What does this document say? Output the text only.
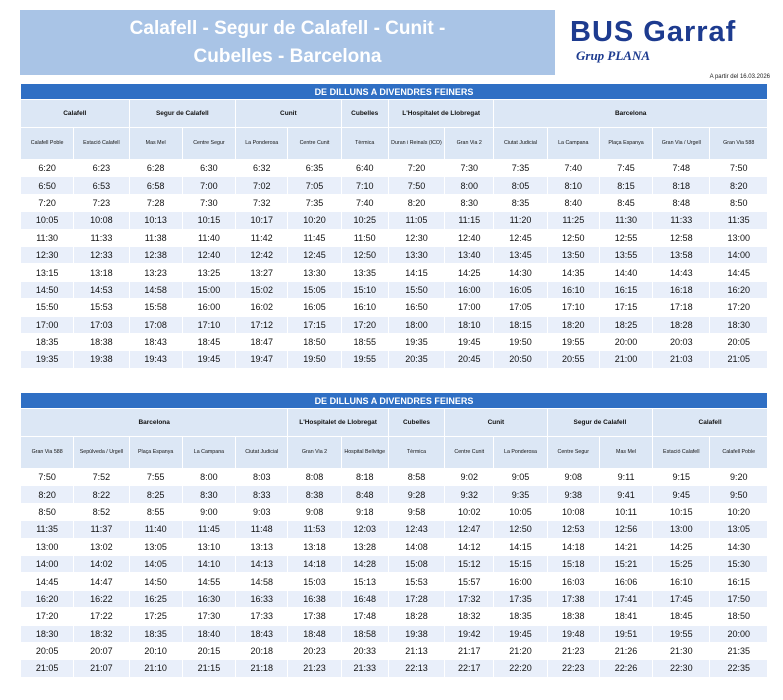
Calafell - Segur de Calafell - Cunit -
Cubelles - Barcelona
BUS Garraf
Grup PLANA
A partir del 16.03.2026
DE DILLUNS A DIVENDRES FEINERS													
Calafell		Segur de Calafell		Cunit		Cubelles	L'Hospitalet de Llobregat		Barcelona				
Calafell Poble	Estació Calafell	Mas Mel	Centre Segur	La Ponderosa	Centre Cunit	Tèrmica	Duran i Reinals (ICO)	Gran Via 2	Ciutat Judicial	La Campana	Plaça Espanya	Gran Via / Urgell	Gran Via 588
6:20	6:23	6:28	6:30	6:32	6:35	6:40	7:20	7:30	7:35	7:40	7:45	7:48	7:50
6:50	6:53	6:58	7:00	7:02	7:05	7:10	7:50	8:00	8:05	8:10	8:15	8:18	8:20
7:20	7:23	7:28	7:30	7:32	7:35	7:40	8:20	8:30	8:35	8:40	8:45	8:48	8:50
10:05	10:08	10:13	10:15	10:17	10:20	10:25	11:05	11:15	11:20	11:25	11:30	11:33	11:35
11:30	11:33	11:38	11:40	11:42	11:45	11:50	12:30	12:40	12:45	12:50	12:55	12:58	13:00
12:30	12:33	12:38	12:40	12:42	12:45	12:50	13:30	13:40	13:45	13:50	13:55	13:58	14:00
13:15	13:18	13:23	13:25	13:27	13:30	13:35	14:15	14:25	14:30	14:35	14:40	14:43	14:45
14:50	14:53	14:58	15:00	15:02	15:05	15:10	15:50	16:00	16:05	16:10	16:15	16:18	16:20
15:50	15:53	15:58	16:00	16:02	16:05	16:10	16:50	17:00	17:05	17:10	17:15	17:18	17:20
17:00	17:03	17:08	17:10	17:12	17:15	17:20	18:00	18:10	18:15	18:20	18:25	18:28	18:30
18:35	18:38	18:43	18:45	18:47	18:50	18:55	19:35	19:45	19:50	19:55	20:00	20:03	20:05
19:35	19:38	19:43	19:45	19:47	19:50	19:55	20:35	20:45	20:50	20:55	21:00	21:03	21:05
DE DILLUNS A DIVENDRES FEINERS													
Barcelona					L'Hospitalet de Llobregat		Cubelles	Cunit		Segur de Calafell		Calafell	
Gran Via 588	Sepúlveda / Urgell	Plaça Espanya	La Campana	Ciutat Judicial	Gran Via 2	Hospital Bellvitge	Tèrmica	Centre Cunit	La Ponderosa	Centre Segur	Mas Mel	Estació Calafell	Calafell Poble
7:50	7:52	7:55	8:00	8:03	8:08	8:18	8:58	9:02	9:05	9:08	9:11	9:15	9:20
8:20	8:22	8:25	8:30	8:33	8:38	8:48	9:28	9:32	9:35	9:38	9:41	9:45	9:50
8:50	8:52	8:55	9:00	9:03	9:08	9:18	9:58	10:02	10:05	10:08	10:11	10:15	10:20
11:35	11:37	11:40	11:45	11:48	11:53	12:03	12:43	12:47	12:50	12:53	12:56	13:00	13:05
13:00	13:02	13:05	13:10	13:13	13:18	13:28	14:08	14:12	14:15	14:18	14:21	14:25	14:30
14:00	14:02	14:05	14:10	14:13	14:18	14:28	15:08	15:12	15:15	15:18	15:21	15:25	15:30
14:45	14:47	14:50	14:55	14:58	15:03	15:13	15:53	15:57	16:00	16:03	16:06	16:10	16:15
16:20	16:22	16:25	16:30	16:33	16:38	16:48	17:28	17:32	17:35	17:38	17:41	17:45	17:50
17:20	17:22	17:25	17:30	17:33	17:38	17:48	18:28	18:32	18:35	18:38	18:41	18:45	18:50
18:30	18:32	18:35	18:40	18:43	18:48	18:58	19:38	19:42	19:45	19:48	19:51	19:55	20:00
20:05	20:07	20:10	20:15	20:18	20:23	20:33	21:13	21:17	21:20	21:23	21:26	21:30	21:35
21:05	21:07	21:10	21:15	21:18	21:23	21:33	22:13	22:17	22:20	22:23	22:26	22:30	22:35
